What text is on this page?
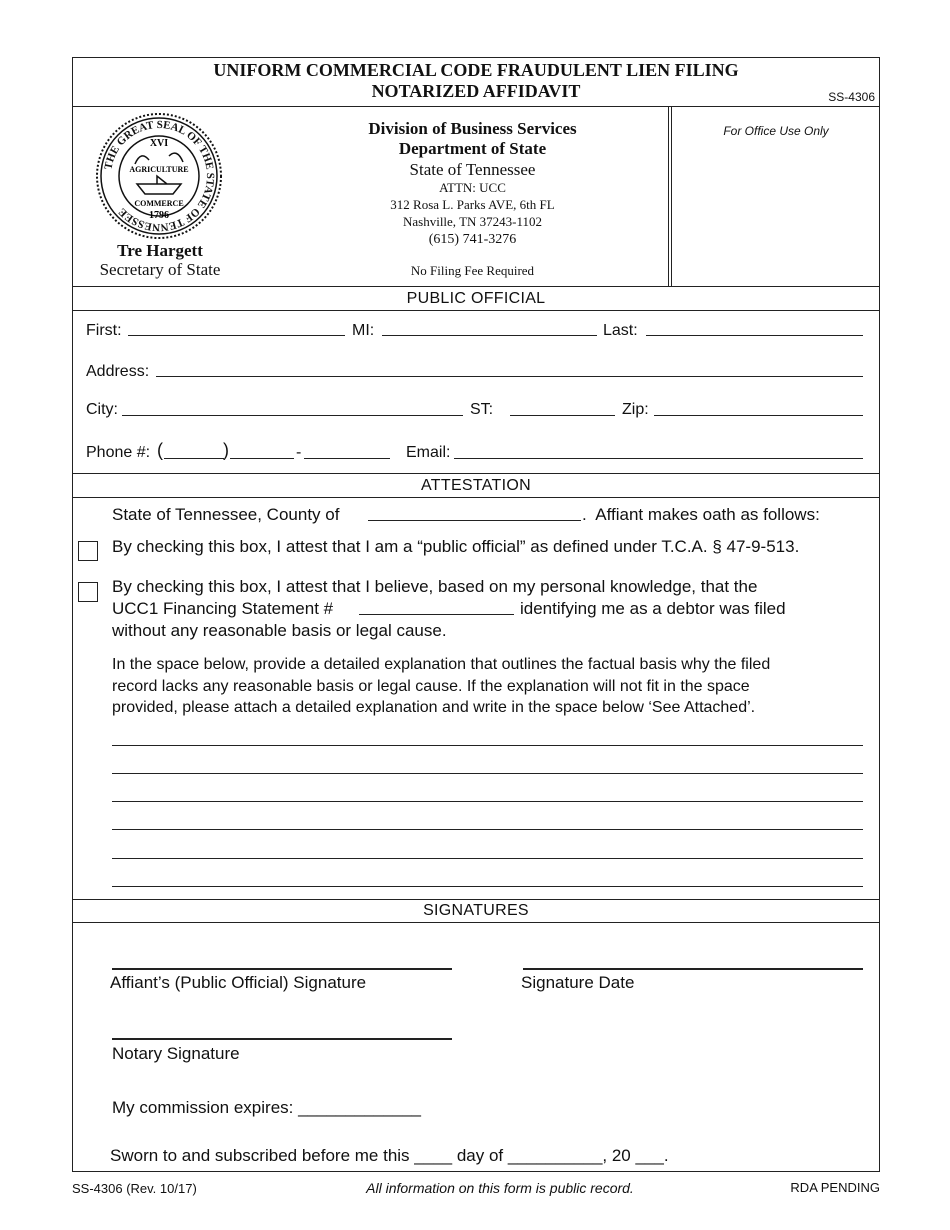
UNIFORM COMMERCIAL CODE FRAUDULENT LIEN FILING
NOTARIZED AFFIDAVIT	SS-4306
THE GREAT SEAL OF THE STATE OF TENNESSEE
XVI
AGRICULTURE
COMMERCE
1796
Tre Hargett
Secretary of State
Division of Business Services
Department of State
State of Tennessee
ATTN: UCC
312 Rosa L. Parks AVE, 6th FL
Nashville, TN 37243-1102
(615) 741-3276
No Filing Fee Required
For Office Use Only
PUBLIC OFFICIAL
First:	MI:	Last:
Address:
City:	ST:	Zip:
Phone #: (	)	-	Email:
ATTESTATION
State of Tennessee, County of	.  Affiant makes oath as follows:
By checking this box, I attest that I am a “public official” as defined under T.C.A. § 47-9-513.
By checking this box, I attest that I believe, based on my personal knowledge, that the
UCC1 Financing Statement #	identifying me as a debtor was filed
without any reasonable basis or legal cause.
In the space below, provide a detailed explanation that outlines the factual basis why the filed
record lacks any reasonable basis or legal cause. If the explanation will not fit in the space
provided, please attach a detailed explanation and write in the space below ‘See Attached’.
SIGNATURES
Affiant’s (Public Official) Signature	Signature Date
Notary Signature
My commission expires: _____________
Sworn to and subscribed before me this ____ day of __________, 20 ___.
SS-4306 (Rev. 10/17)	All information on this form is public record.	RDA PENDING
